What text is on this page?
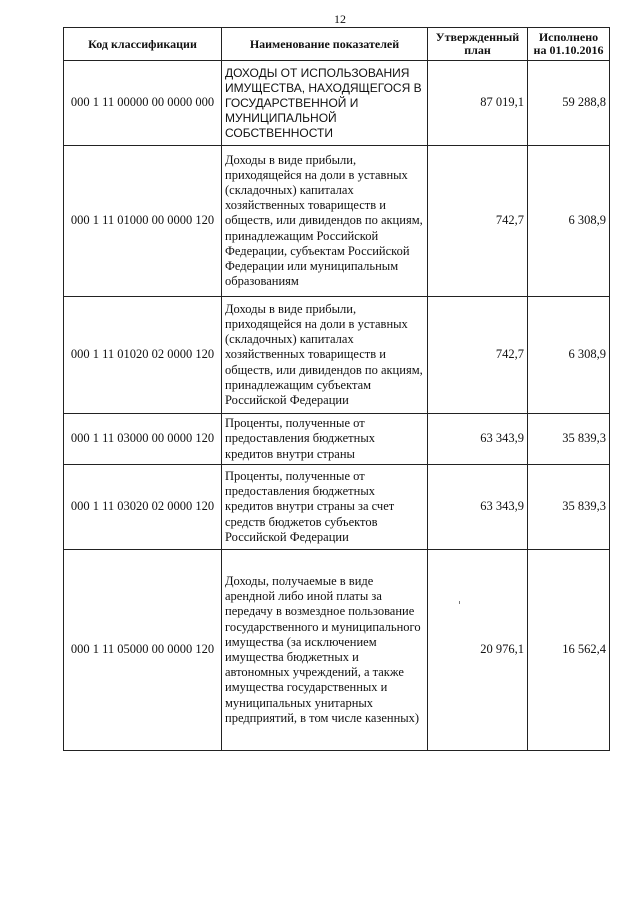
12
Код классификации	Наименование показателей	Утвержденный план	Исполнено на 01.10.2016
000 1 11 00000 00 0000 000	ДОХОДЫ ОТ ИСПОЛЬЗОВАНИЯ ИМУЩЕСТВА, НАХОДЯЩЕГОСЯ В ГОСУДАРСТВЕННОЙ И МУНИЦИПАЛЬНОЙ СОБСТВЕННОСТИ	87 019,1	59 288,8
000 1 11 01000 00 0000 120	Доходы в виде прибыли, приходящейся на доли в уставных (складочных) капиталах хозяйственных товариществ и обществ, или дивидендов по акциям, принадлежащим Российской Федерации, субъектам Российской Федерации или муниципальным образованиям	742,7	6 308,9
000 1 11 01020 02 0000 120	Доходы в виде прибыли, приходящейся на доли в уставных (складочных) капиталах хозяйственных товариществ и обществ, или дивидендов по акциям, принадлежащим субъектам Российской Федерации	742,7	6 308,9
000 1 11 03000 00 0000 120	Проценты, полученные от предоставления бюджетных кредитов внутри страны	63 343,9	35 839,3
000 1 11 03020 02 0000 120	Проценты, полученные от предоставления бюджетных кредитов внутри страны за счет средств бюджетов субъектов Российской Федерации	63 343,9	35 839,3
000 1 11 05000 00 0000 120	Доходы, получаемые в виде арендной либо иной платы за передачу в возмездное пользование государственного и муниципального имущества (за исключением имущества бюджетных и автономных учреждений, а также имущества государственных и муниципальных унитарных предприятий, в том числе казенных)	20 976,1	16 562,4
